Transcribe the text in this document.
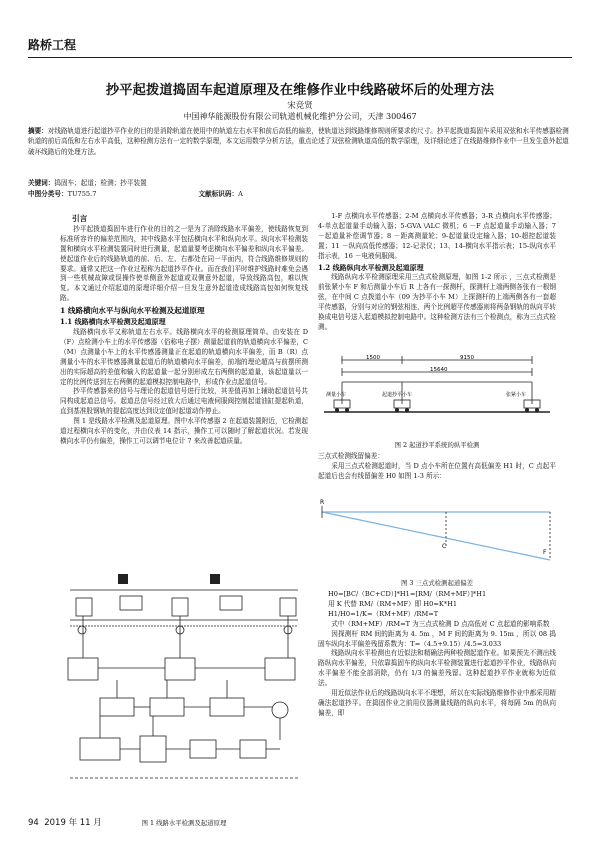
路桥工程
抄平起拨道捣固车起道原理及在维修作业中线路破坏后的处理方法
宋竞贤
中国神华能源股份有限公司轨道机械化维护分公司，天津 300467
摘要：对线路轨道进行起道抄平作业的目的是消除轨道在使用中的轨道左右水平和前后高低的偏差，使轨道达到线路维修规则所要求的尺寸。抄平起拨道捣固车采用双弦和水平传感器检测轨道的前后高低和左右水平高低，这种检测方法有一定的数学原理，本文运用数学分析方法，重点论述了双弦检测轨道高低的数学原理，及详细论述了在线路维修作业中一旦发生意外起道破坏线路后的处理方法。
关键词：捣固车；起道；检测；抄平装置
中图分类号：TU755.7	文献标识码：A
引言

抄平起拨道捣固车进行作业的目的之一是为了消除线路水平偏差，使线路恢复到标准所容许的偏差范围内，其中线路水平包括横向水平和纵向水平。纵向水平检测装置和横向水平检测装置同时进行测量，起道量要考虑横向水平偏差和纵向水平偏差。使起道作业后的线路轨道的前、后、左、右都处在同一平面内，符合线路维修规则的要求。通常又把这一作业过程称为起道抄平作业。而在我们平时维护线路时难免会遇到一些机械故障或误操作使单侧意外起道或双侧意外起道，导致线路高包，难以恢复。本文通过介绍起道的原理详细介绍一旦发生意外起道造成线路高包如何恢复线路。

1 线路横向水平与纵向水平检测及起道原理
1.1 线路横向水平检测及起道原理

线路横向水平又称轨道左右水平。线路横向水平的检测原理简单。由安装在 D（F）点检测小车上的水平传感器（俗称电子摆）测量起道前的轨道横向水平偏差，C（M）点测量小车上的水平传感器测量正在起道的轨道横向水平偏差，而 B（R）点测量小车的水平传感器测量起道后的轨道横向水平偏差，前端的理论超高与前摆所测出的实际超高的差值和输入的起道量一起分别形成左右两侧的起道量，该起道量以一定的比例传送到左右两侧的起道模拟控制电路中，形成作业点起道信号。

抄平传感器来的信号与理论的起道信号进行比较，其差值再加上辅助起道信号共同构成起道总信号。起道总信号经过放大后通过电液伺服阀控制起道油缸提起轨道，直到基准股钢轨的提起高度达到设定值时起道动作停止。

图 1 是线路水平检测及起道原理。图中水平传感器 2 在起道装置附近，它检测起道过程横向水平的变化，并由仪表 14 指示，操作工可以随时了解起道状况。若发现横向水平仍有偏差，操作工可以调节电位计 7 来改善起道质量。

图 1 线路水平检测及起道原理

1-F 点横向水平传感器；2-M 点横向水平传感器；3-R 点横向水平传感器；4-单点起道量手动输入器；5-GVA \ALC 微机；6 －F 点起道量手动输入器；7 －起道量补偿调节器；8 －距离测量轮；9-起道量设定输入器；10-超控起道装置；11 －纵向高低传感器；12-记录仪；13、14-横向水平指示表；15-纵向水平指示表，16 －电液伺服阀。

1.2 线路纵向水平检测及起道原理

线路纵向水平检测原理采用三点式检测原理，如图 1-2 所示 ，三点式检测是前张紧小车 F 和后测量小车后 R 上各有一探测杆，探测杆上端两侧各张有一根钢弦，在中间 C 点拨道小车（09 为抄平小车 M）上探测杆的上端两侧各有一套超平传感器，分别与对应的钢弦相连，两个比例超平传感器则将两条钢轨的纵向平转换成电信号送入起道模拟控制电路中。这种检测方法有三个检测点，称为三点式检测。

1500	9150
15640
测量小车	起道抄平小车	张紧小车
图 2 起道抄平系统的纵平检测

三点式检测线留偏差：

采用三点式检测起道时，当 D 点小车所在位置有高低偏差 H1 时，C 点起平起道后也会有线留偏差 H0 如图 1-3 所示：

R
C
F
图 3 三点式检测起道偏差
H0=[BC/（BC+CD）]*H1=[RM/（RM+MF）]*H1
用 K 代替 RM/（RM+MF）即 H0=K*H1
H1/H0=1/K=（RM+MF）/RM=T

式中（RM+MF）/RM=T 为三点式检测 D 点高低对 C 点起道的影响系数

因探测杆 RM 间的距离为 4. 5m ，M F 间的距离为 9. 15m ，所以 08 捣固车纵向水平偏差残留系数为：T=（4.5+9.15）/4.5=3.033

线路纵向水平检测也有近似法和精确法两种检测起道作业。如果预先不测出线路纵向水平偏差，只依靠捣固车的纵向水平检测装置进行起道抄平作业，线路纵向水平偏差不能全部消除，仍有 1/3 的偏差残留。这种起道抄平作业就称为近似法。

用近似法作业后的线路纵向水平不理想，所以在实际线路维修作业中都采用精确法起道抄平。在捣固作业之前用仪器测量线路的纵向水平，将每隔 5m 的纵向偏差，即

94 2019 年 11 月
